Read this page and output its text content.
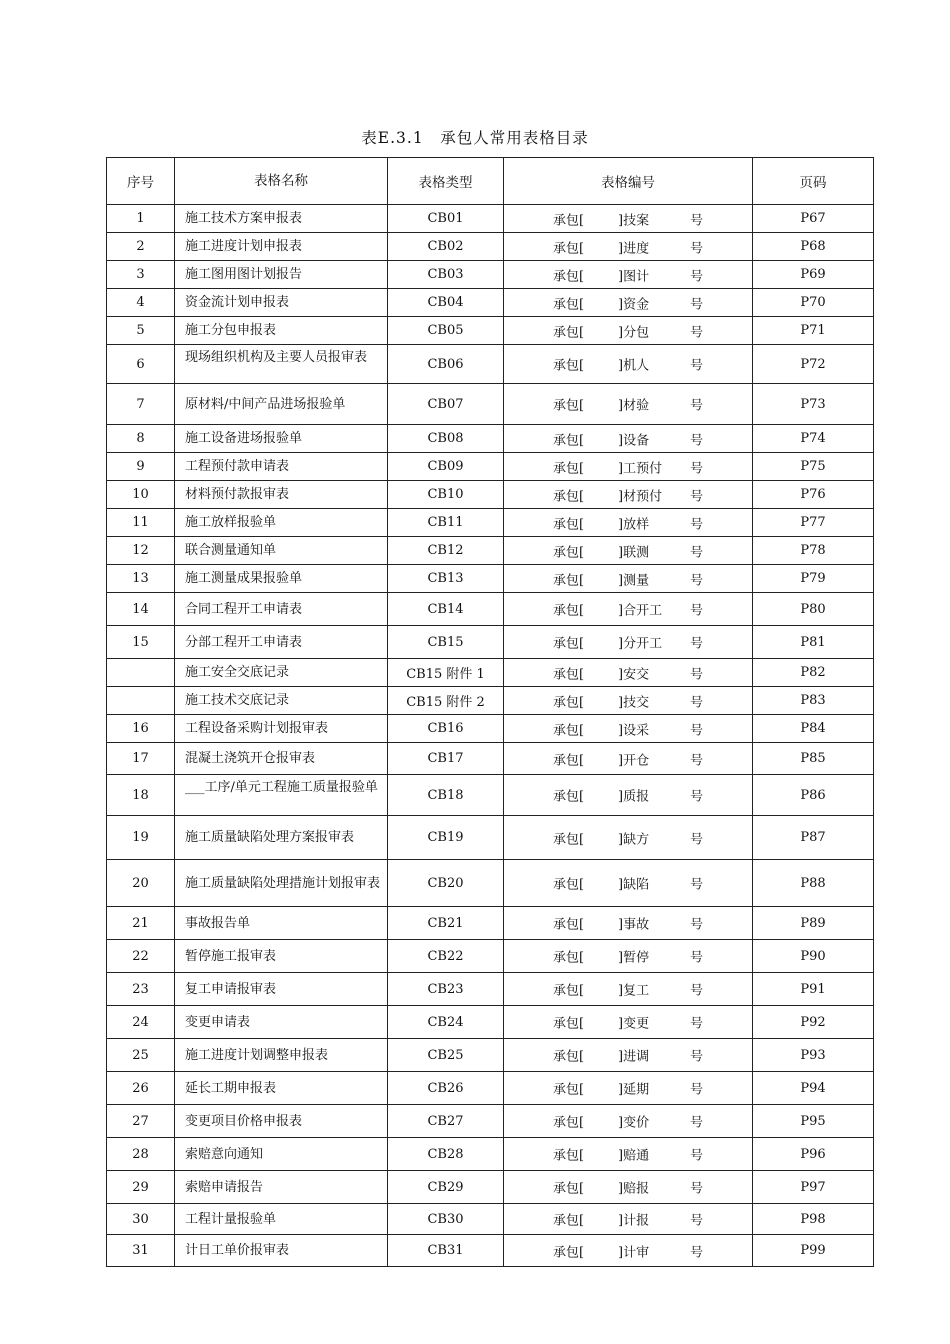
表E.3.1　承包人常用表格目录
序号	表格名称	表格类型	表格编号	页码
1	施工技术方案申报表	CB01	承包[ ]技案 号	P67
2	施工进度计划申报表	CB02	承包[ ]进度 号	P68
3	施工图用图计划报告	CB03	承包[ ]图计 号	P69
4	资金流计划申报表	CB04	承包[ ]资金 号	P70
5	施工分包申报表	CB05	承包[ ]分包 号	P71
6	现场组织机构及主要人员报审表	CB06	承包[ ]机人 号	P72
7	原材料/中间产品进场报验单	CB07	承包[ ]材验 号	P73
8	施工设备进场报验单	CB08	承包[ ]设备 号	P74
9	工程预付款申请表	CB09	承包[ ]工预付 号	P75
10	材料预付款报审表	CB10	承包[ ]材预付 号	P76
11	施工放样报验单	CB11	承包[ ]放样 号	P77
12	联合测量通知单	CB12	承包[ ]联测 号	P78
13	施工测量成果报验单	CB13	承包[ ]测量 号	P79
14	合同工程开工申请表	CB14	承包[ ]合开工 号	P80
15	分部工程开工申请表	CB15	承包[ ]分开工 号	P81

	施工安全交底记录	CB15 附件 1	承包[ ]安交 号	P82

	施工技术交底记录	CB15 附件 2	承包[ ]技交 号	P83
16	工程设备采购计划报审表	CB16	承包[ ]设采 号	P84
17	混凝土浇筑开仓报审表	CB17	承包[ ]开仓 号	P85
18	___工序/单元工程施工质量报验单	CB18	承包[ ]质报 号	P86
19	施工质量缺陷处理方案报审表	CB19	承包[ ]缺方 号	P87
20	施工质量缺陷处理措施计划报审表	CB20	承包[ ]缺陷 号	P88
21	事故报告单	CB21	承包[ ]事故 号	P89
22	暂停施工报审表	CB22	承包[ ]暂停 号	P90
23	复工申请报审表	CB23	承包[ ]复工 号	P91
24	变更申请表	CB24	承包[ ]变更 号	P92
25	施工进度计划调整申报表	CB25	承包[ ]进调 号	P93
26	延长工期申报表	CB26	承包[ ]延期 号	P94
27	变更项目价格申报表	CB27	承包[ ]变价 号	P95
28	索赔意向通知	CB28	承包[ ]赔通 号	P96
29	索赔申请报告	CB29	承包[ ]赔报 号	P97
30	工程计量报验单	CB30	承包[ ]计报 号	P98
31	计日工单价报审表	CB31	承包[ ]计审 号	P99
